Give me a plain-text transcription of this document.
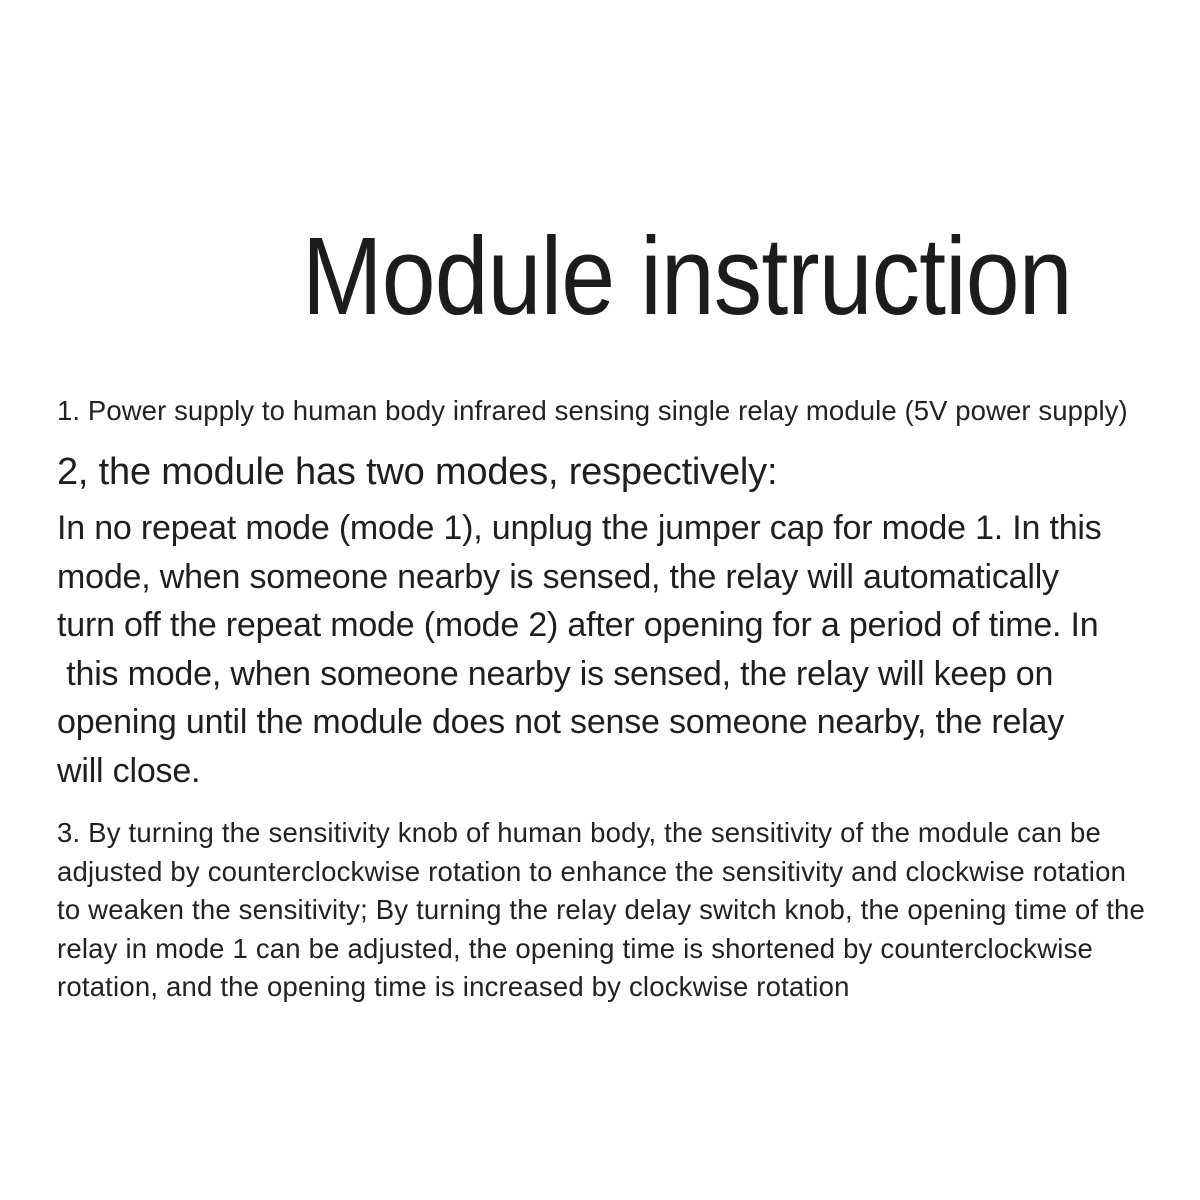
Module instruction

1. Power supply to human body infrared sensing single relay module (5V power supply)

2, the module has two modes, respectively:
In no repeat mode (mode 1), unplug the jumper cap for mode 1. In this
mode, when someone nearby is sensed, the relay will automatically
turn off the repeat mode (mode 2) after opening for a period of time. In
this mode, when someone nearby is sensed, the relay will keep on
opening until the module does not sense someone nearby, the relay
will close.
3. By turning the sensitivity knob of human body, the sensitivity of the module can be
adjusted by counterclockwise rotation to enhance the sensitivity and clockwise rotation
to weaken the sensitivity; By turning the relay delay switch knob, the opening time of the
relay in mode 1 can be adjusted, the opening time is shortened by counterclockwise
rotation, and the opening time is increased by clockwise rotation
